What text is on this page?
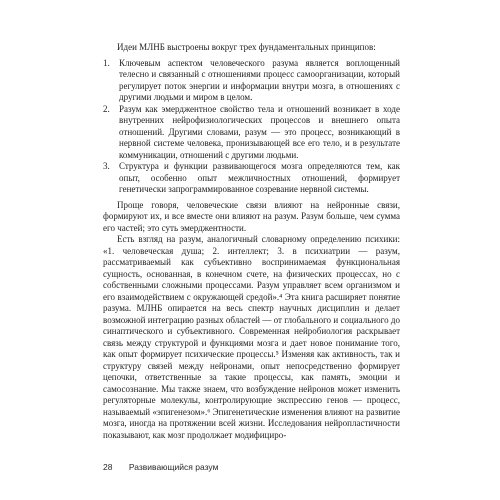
Идеи МЛНБ выстроены вокруг трех фундаментальных принципов:

1.	Ключевым аспектом человеческого разума является воплощенный телесно и связанный с отношениями процесс самоорганизации, который регулирует поток энергии и информации внутри мозга, в отношениях с другими людьми и миром в целом.
2.	Разум как эмерджентное свойство тела и отношений возникает в ходе внутренних нейрофизиологических процессов и внешнего опыта отношений. Другими словами, разум — это процесс, возникающий в нервной системе человека, пронизывающей все его тело, и в результате коммуникации, отношений с другими людьми.
3.	Структура и функции развивающегося мозга определяются тем, как опыт, особенно опыт межличностных отношений, формирует генетически запрограммированное созревание нервной системы.

Проще говоря, человеческие связи влияют на нейронные связи, формируют их, и все вместе они влияют на разум. Разум больше, чем сумма его частей; это суть эмерджентности.

Есть взгляд на разум, аналогичный словарному определению психики: «1. человеческая душа; 2. интеллект; 3. в психиатрии — разум, рассматриваемый как субъективно воспринимаемая функциональная сущность, основанная, в конечном счете, на физических процессах, но с собственными сложными процессами. Разум управляет всем организмом и его взаимодействием с окружающей средой».⁴ Эта книга расширяет понятие разума. МЛНБ опирается на весь спектр научных дисциплин и делает возможной интеграцию разных областей — от глобального и социального до синаптического и субъективного. Современная нейробиология раскрывает связь между структурой и функциями мозга и дает новое понимание того, как опыт формирует психические процессы.⁵ Изменяя как активность, так и структуру связей между нейронами, опыт непосредственно формирует цепочки, ответственные за такие процессы, как память, эмоции и самосознание. Мы также знаем, что возбуждение нейронов может изменить регуляторные молекулы, контролирующие экспрессию генов — процесс, называемый «эпигенезом».⁶ Эпигенетические изменения влияют на развитие мозга, иногда на протяжении всей жизни. Исследования нейропластичности показывают, как мозг продолжает модифициро-

28 Развивающийся разум
